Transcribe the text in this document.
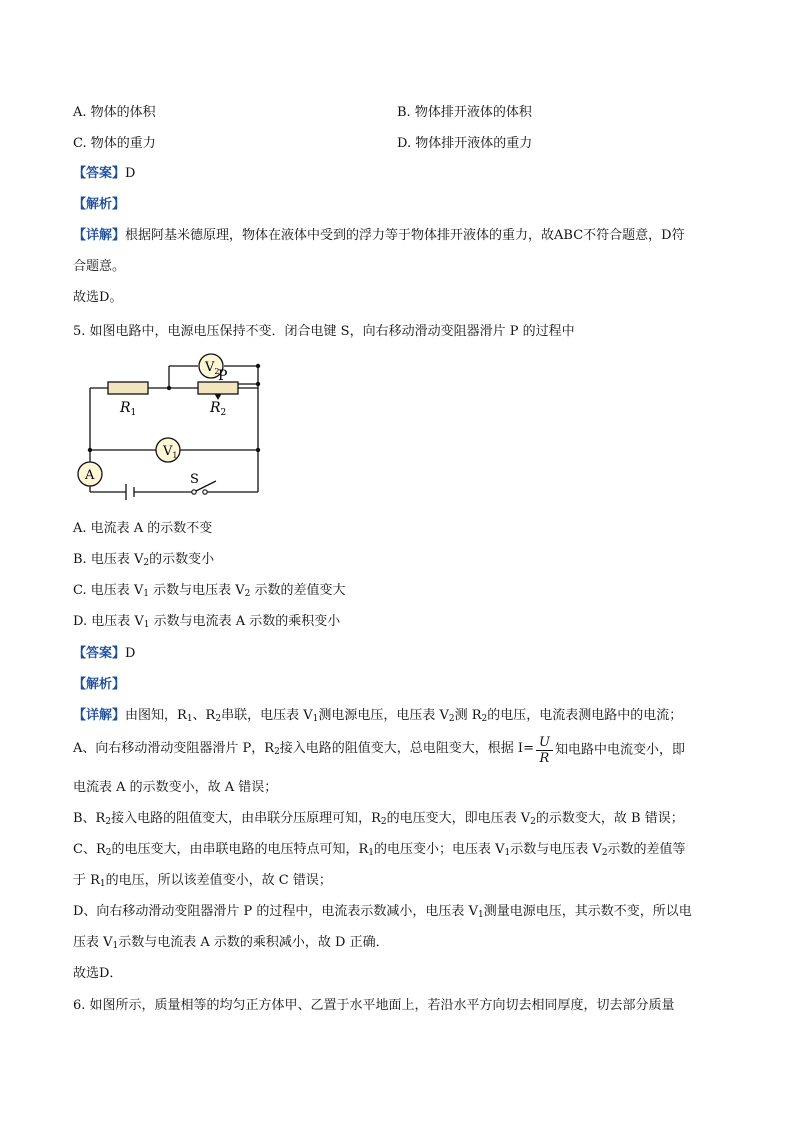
A. 物体的体积	B. 物体排开液体的体积
C. 物体的重力	D. 物体排开液体的重力
【答案】D
【解析】
【详解】根据阿基米德原理，物体在液体中受到的浮力等于物体排开液体的重力，故ABC不符合题意，D符
合题意。
故选D。
5. 如图电路中，电源电压保持不变．闭合电键 S，向右移动滑动变阻器滑片 P 的过程中
$V_2$
$V_1$
A
$R_1$	$R_2$
P
S
A. 电流表 A 的示数不变
B. 电压表 $V_2$的示数变小
C. 电压表 $V_1$ 示数与电压表 $V_2$ 示数的差值变大
D. 电压表 $V_1$ 示数与电流表 A 示数的乘积变小
【答案】D
【解析】
【详解】由图知，$R_1$、$R_2$串联，电压表 $V_1$测电源电压，电压表 $V_2$测 $R_2$的电压，电流表测电路中的电流；
A、向右移动滑动变阻器滑片 P，$R_2$接入电路的阻值变大，总电阻变大，根据 $I= \frac{U}{R}$ 知电路中电流变小，即
电流表 A 的示数变小，故 A 错误；
B、$R_2$接入电路的阻值变大，由串联分压原理可知，$R_2$的电压变大，即电压表 $V_2$的示数变大，故 B 错误；
C、$R_2$的电压变大，由串联电路的电压特点可知，$R_1$的电压变小；电压表 $V_1$示数与电压表 $V_2$示数的差值等
于 $R_1$的电压，所以该差值变小，故 C 错误；
D、向右移动滑动变阻器滑片 P 的过程中，电流表示数减小，电压表 $V_1$测量电源电压，其示数不变，所以电
压表 $V_1$示数与电流表 A 示数的乘积减小，故 D 正确．
故选D．
6. 如图所示，质量相等的均匀正方体甲、乙置于水平地面上，若沿水平方向切去相同厚度，切去部分质量
